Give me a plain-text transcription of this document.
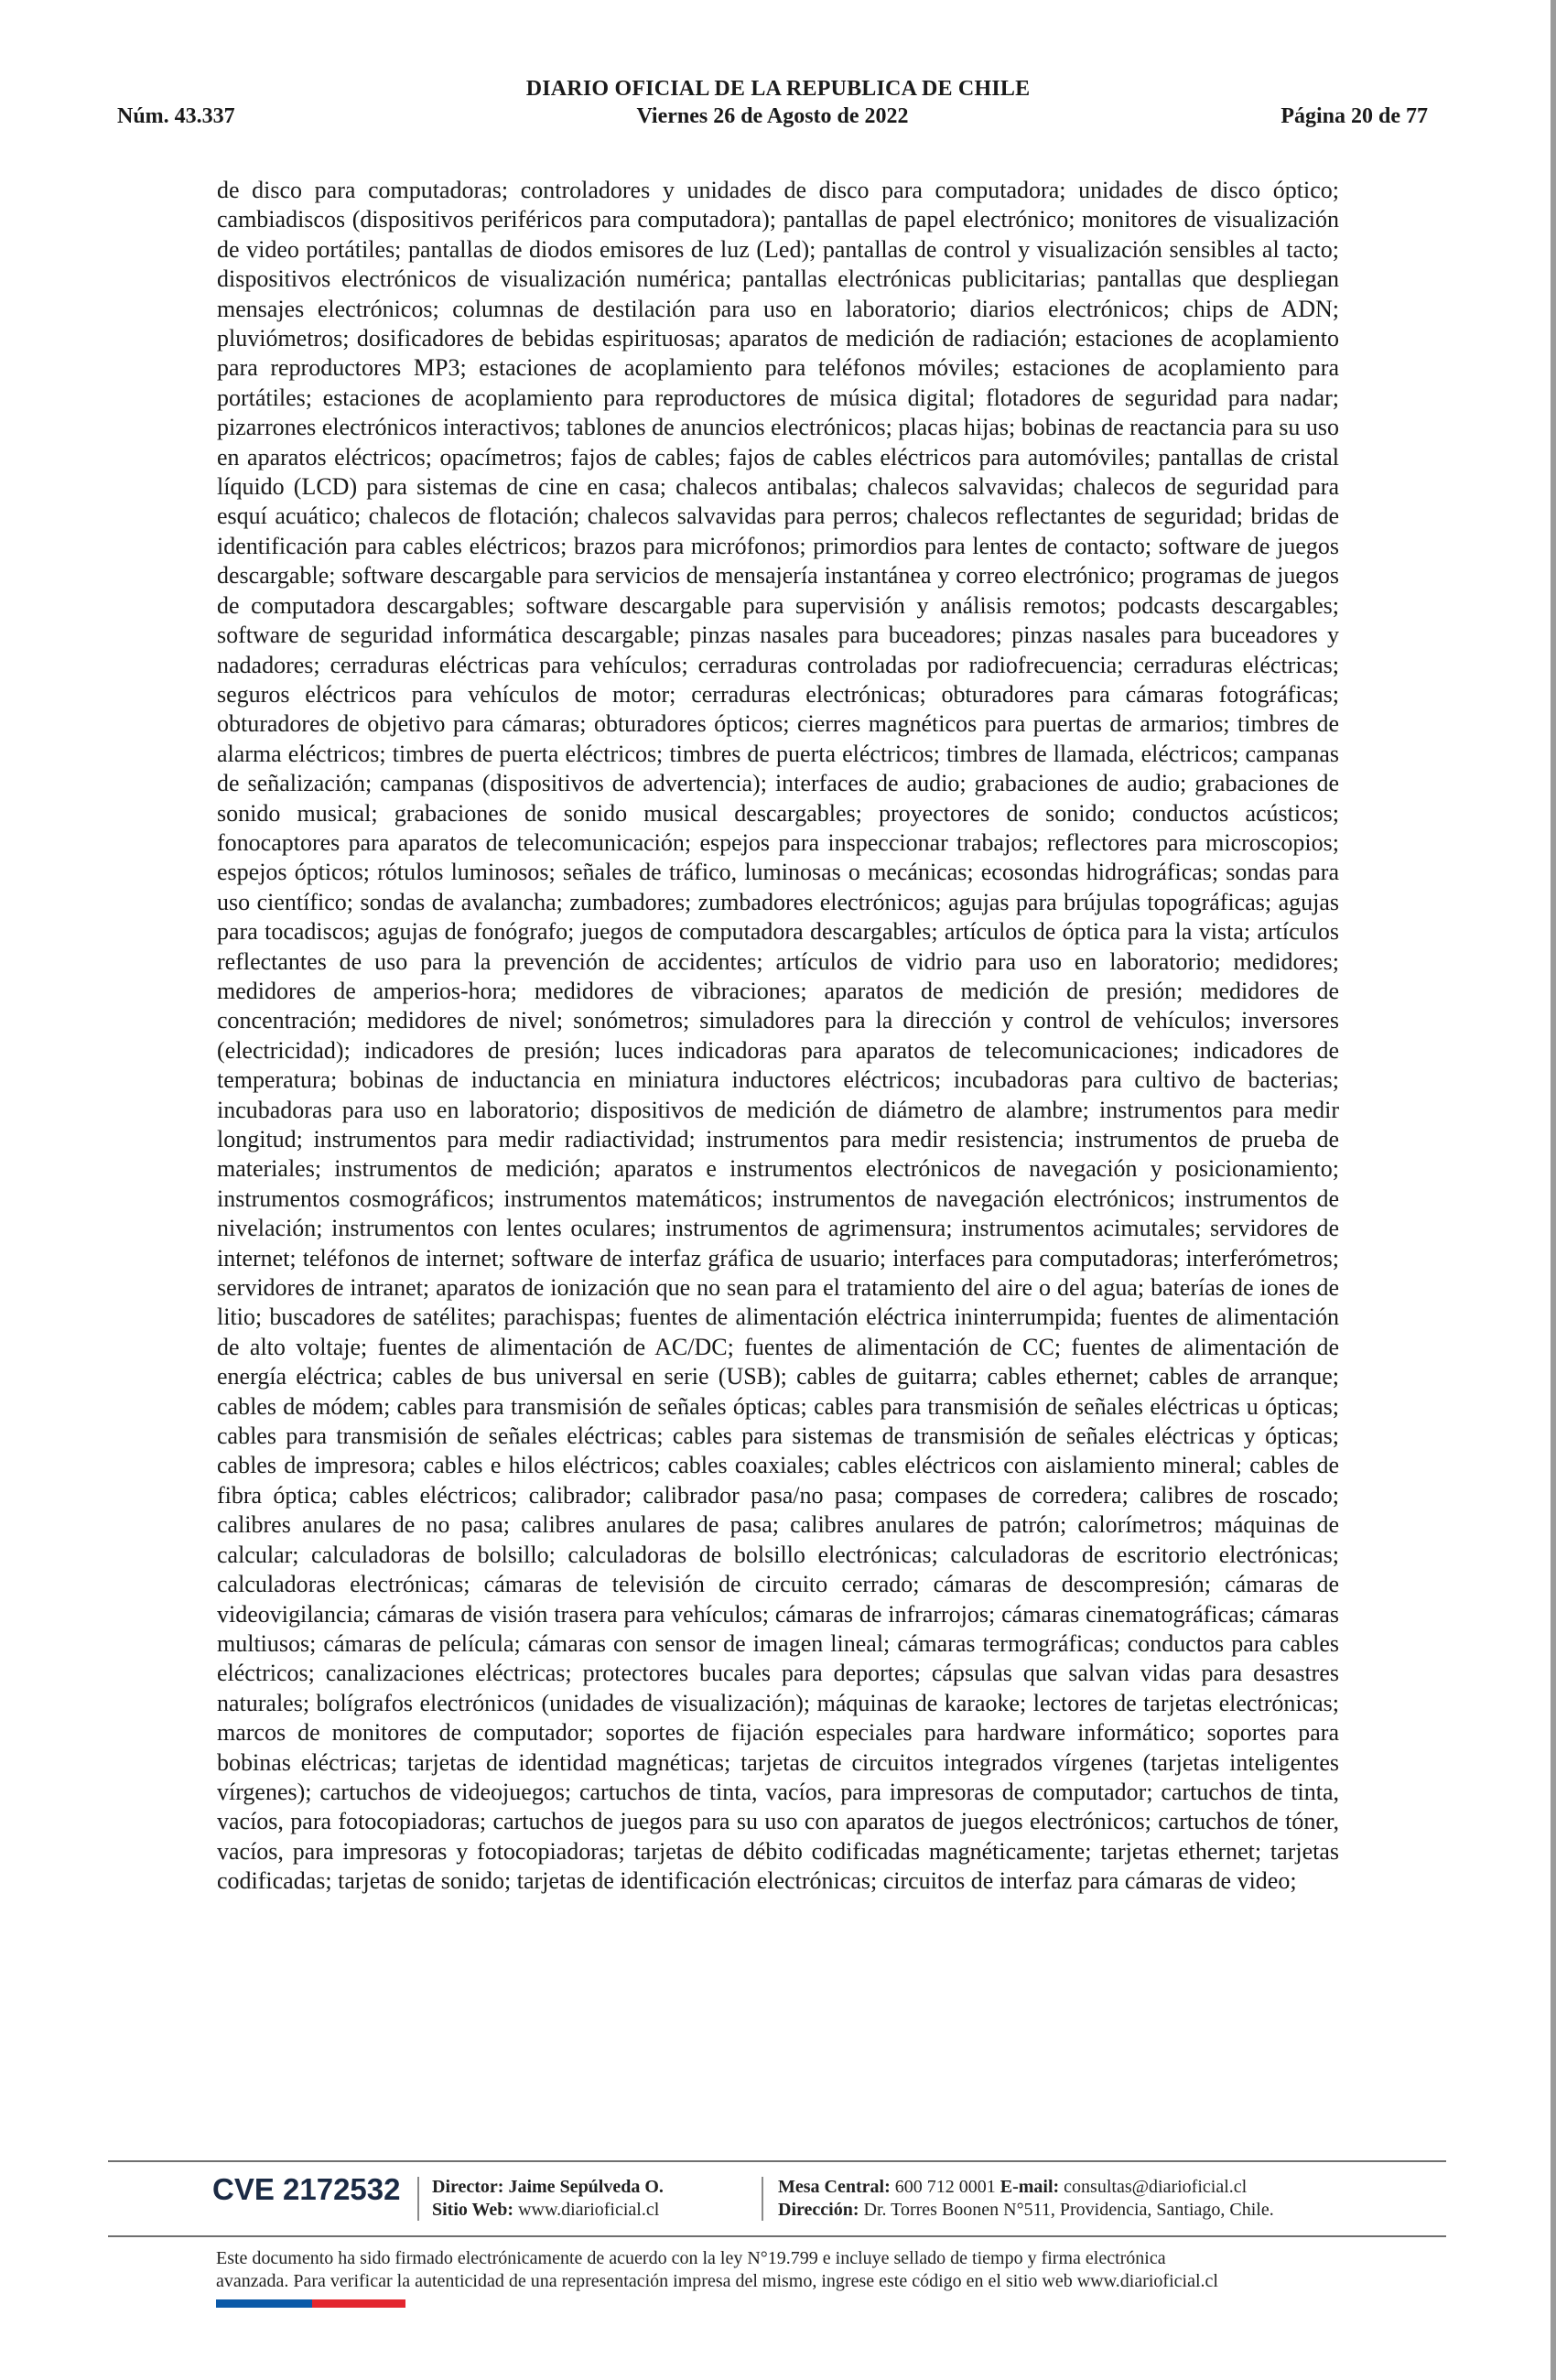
DIARIO OFICIAL DE LA REPUBLICA DE CHILE
Núm. 43.337	Viernes 26 de Agosto de 2022	Página 20 de 77
de disco para computadoras; controladores y unidades de disco para computadora; unidades de disco óptico; cambiadiscos (dispositivos periféricos para computadora); pantallas de papel electrónico; monitores de visualización de video portátiles; pantallas de diodos emisores de luz (Led); pantallas de control y visualización sensibles al tacto; dispositivos electrónicos de visualización numérica; pantallas electrónicas publicitarias; pantallas que despliegan mensajes electrónicos; columnas de destilación para uso en laboratorio; diarios electrónicos; chips de ADN; pluviómetros; dosificadores de bebidas espirituosas; aparatos de medición de radiación; estaciones de acoplamiento para reproductores MP3; estaciones de acoplamiento para teléfonos móviles; estaciones de acoplamiento para portátiles; estaciones de acoplamiento para reproductores de música digital; flotadores de seguridad para nadar; pizarrones electrónicos interactivos; tablones de anuncios electrónicos; placas hijas; bobinas de reactancia para su uso en aparatos eléctricos; opacímetros; fajos de cables; fajos de cables eléctricos para automóviles; pantallas de cristal líquido (LCD) para sistemas de cine en casa; chalecos antibalas; chalecos salvavidas; chalecos de seguridad para esquí acuático; chalecos de flotación; chalecos salvavidas para perros; chalecos reflectantes de seguridad; bridas de identificación para cables eléctricos; brazos para micrófonos; primordios para lentes de contacto; software de juegos descargable; software descargable para servicios de mensajería instantánea y correo electrónico; programas de juegos de computadora descargables; software descargable para supervisión y análisis remotos; podcasts descargables; software de seguridad informática descargable; pinzas nasales para buceadores; pinzas nasales para buceadores y nadadores; cerraduras eléctricas para vehículos; cerraduras controladas por radiofrecuencia; cerraduras eléctricas; seguros eléctricos para vehículos de motor; cerraduras electrónicas; obturadores para cámaras fotográficas; obturadores de objetivo para cámaras; obturadores ópticos; cierres magnéticos para puertas de armarios; timbres de alarma eléctricos; timbres de puerta eléctricos; timbres de puerta eléctricos; timbres de llamada, eléctricos; campanas de señalización; campanas (dispositivos de advertencia); interfaces de audio; grabaciones de audio; grabaciones de sonido musical; grabaciones de sonido musical descargables; proyectores de sonido; conductos acústicos; fonocaptores para aparatos de telecomunicación; espejos para inspeccionar trabajos; reflectores para microscopios; espejos ópticos; rótulos luminosos; señales de tráfico, luminosas o mecánicas; ecosondas hidrográficas; sondas para uso científico; sondas de avalancha; zumbadores; zumbadores electrónicos; agujas para brújulas topográficas; agujas para tocadiscos; agujas de fonógrafo; juegos de computadora descargables; artículos de óptica para la vista; artículos reflectantes de uso para la prevención de accidentes; artículos de vidrio para uso en laboratorio; medidores; medidores de amperios-hora; medidores de vibraciones; aparatos de medición de presión; medidores de concentración; medidores de nivel; sonómetros; simuladores para la dirección y control de vehículos; inversores (electricidad); indicadores de presión; luces indicadoras para aparatos de telecomunicaciones; indicadores de temperatura; bobinas de inductancia en miniatura inductores eléctricos; incubadoras para cultivo de bacterias; incubadoras para uso en laboratorio; dispositivos de medición de diámetro de alambre; instrumentos para medir longitud; instrumentos para medir radiactividad; instrumentos para medir resistencia; instrumentos de prueba de materiales; instrumentos de medición; aparatos e instrumentos electrónicos de navegación y posicionamiento; instrumentos cosmográficos; instrumentos matemáticos; instrumentos de navegación electrónicos; instrumentos de nivelación; instrumentos con lentes oculares; instrumentos de agrimensura; instrumentos acimutales; servidores de internet; teléfonos de internet; software de interfaz gráfica de usuario; interfaces para computadoras; interferómetros; servidores de intranet; aparatos de ionización que no sean para el tratamiento del aire o del agua; baterías de iones de litio; buscadores de satélites; parachispas; fuentes de alimentación eléctrica ininterrumpida; fuentes de alimentación de alto voltaje; fuentes de alimentación de AC/DC; fuentes de alimentación de CC; fuentes de alimentación de energía eléctrica; cables de bus universal en serie (USB); cables de guitarra; cables ethernet; cables de arranque; cables de módem; cables para transmisión de señales ópticas; cables para transmisión de señales eléctricas u ópticas; cables para transmisión de señales eléctricas; cables para sistemas de transmisión de señales eléctricas y ópticas; cables de impresora; cables e hilos eléctricos; cables coaxiales; cables eléctricos con aislamiento mineral; cables de fibra óptica; cables eléctricos; calibrador; calibrador pasa/no pasa; compases de corredera; calibres de roscado; calibres anulares de no pasa; calibres anulares de pasa; calibres anulares de patrón; calorímetros; máquinas de calcular; calculadoras de bolsillo; calculadoras de bolsillo electrónicas; calculadoras de escritorio electrónicas; calculadoras electrónicas; cámaras de televisión de circuito cerrado; cámaras de descompresión; cámaras de videovigilancia; cámaras de visión trasera para vehículos; cámaras de infrarrojos; cámaras cinematográficas; cámaras multiusos; cámaras de película; cámaras con sensor de imagen lineal; cámaras termográficas; conductos para cables eléctricos; canalizaciones eléctricas; protectores bucales para deportes; cápsulas que salvan vidas para desastres naturales; bolígrafos electrónicos (unidades de visualización); máquinas de karaoke; lectores de tarjetas electrónicas; marcos de monitores de computador; soportes de fijación especiales para hardware informático; soportes para bobinas eléctricas; tarjetas de identidad magnéticas; tarjetas de circuitos integrados vírgenes (tarjetas inteligentes vírgenes); cartuchos de videojuegos; cartuchos de tinta, vacíos, para impresoras de computador; cartuchos de tinta, vacíos, para fotocopiadoras; cartuchos de juegos para su uso con aparatos de juegos electrónicos; cartuchos de tóner, vacíos, para impresoras y fotocopiadoras; tarjetas de débito codificadas magnéticamente; tarjetas ethernet; tarjetas codificadas; tarjetas de sonido; tarjetas de identificación electrónicas; circuitos de interfaz para cámaras de video;
CVE 2172532 Director: Jaime Sepúlveda O.
Sitio Web: www.diarioficial.cl
Mesa Central: 600 712 0001 E-mail: consultas@diarioficial.cl
Dirección: Dr. Torres Boonen N°511, Providencia, Santiago, Chile.
Este documento ha sido firmado electrónicamente de acuerdo con la ley N°19.799 e incluye sellado de tiempo y firma electrónica
avanzada. Para verificar la autenticidad de una representación impresa del mismo, ingrese este código en el sitio web www.diarioficial.cl
